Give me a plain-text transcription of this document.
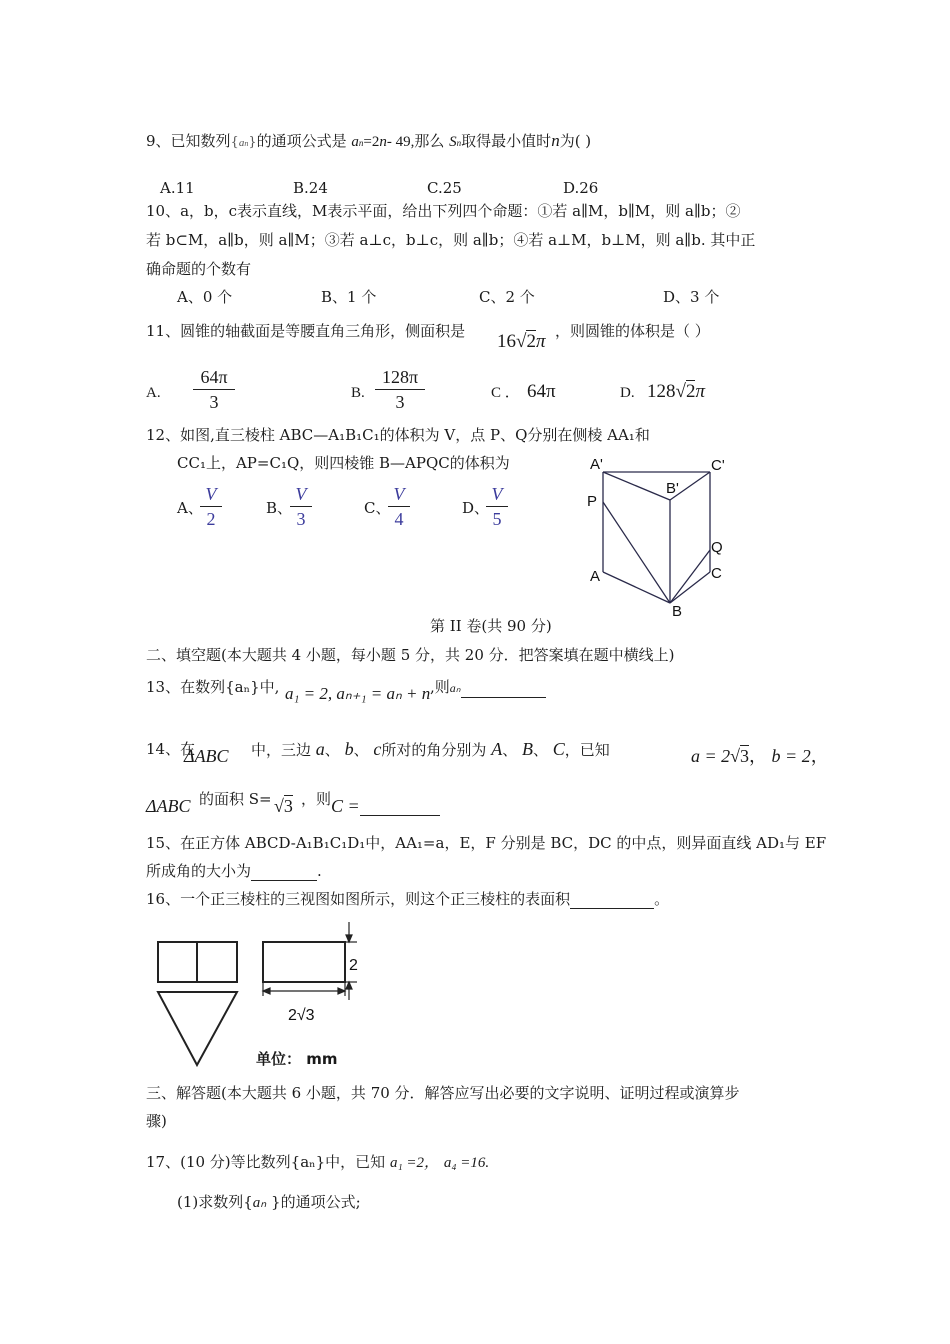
9、已知数列{an}的通项公式是 an=2n- 49,那么 Sn取得最小值时n为( )
A.11	B.24	C.25	D.26
10、a，b，c表示直线，M表示平面，给出下列四个命题：①若 a∥M，b∥M，则 a∥b；②
若 b⊂M，a∥b，则 a∥M；③若 a⊥c，b⊥c，则 a∥b；④若 a⊥M，b⊥M，则 a∥b. 其中正
确命题的个数有
A、0 个	B、1 个	C、2 个	D、3 个
11、圆锥的轴截面是等腰直角三角形，侧面积是 16√2π ，则圆锥的体积是（ ）
A.
64π
3	B.
128π
3	C ． 64π	D. 128√2π
12、如图,直三棱柱 ABC—A₁B₁C₁的体积为 V，点 P、Q分别在侧棱 AA₁和
CC₁上，AP=C₁Q，则四棱锥 B—APQC的体积为
A、
V
2
B、
V
3
C、
V
4
D、
V
5
A'	C'
B'
P
Q
A	C
B
第 II 卷(共 90 分)
二、填空题(本大题共 4 小题，每小题 5 分，共 20 分．把答案填在题中横线上)
13、在数列{aₙ}中, a₁ = 2, aₙ₊₁ = aₙ + n ,则aₙ
14、在
ΔABC 中，三边 a、 b、 c所对的角分别为 A、 B、 C，已知	a = 2√3， b = 2，
ΔABC 的面积 S= √3 ，则 C =
15、在正方体 ABCD-A₁B₁C₁D₁中，AA₁=a，E，F 分别是 BC，DC 的中点，则异面直线 AD₁与 EF
所成角的大小为	.
16、一个正三棱柱的三视图如图所示，则这个正三棱柱的表面积	。
2
2√3
单位： mm
三、解答题(本大题共 6 小题，共 70 分．解答应写出必要的文字说明、证明过程或演算步
骤)
17、(10 分)等比数列{aₙ}中，已知 a₁ =2， a₄ =16.
(1)求数列{aₙ }的通项公式;
